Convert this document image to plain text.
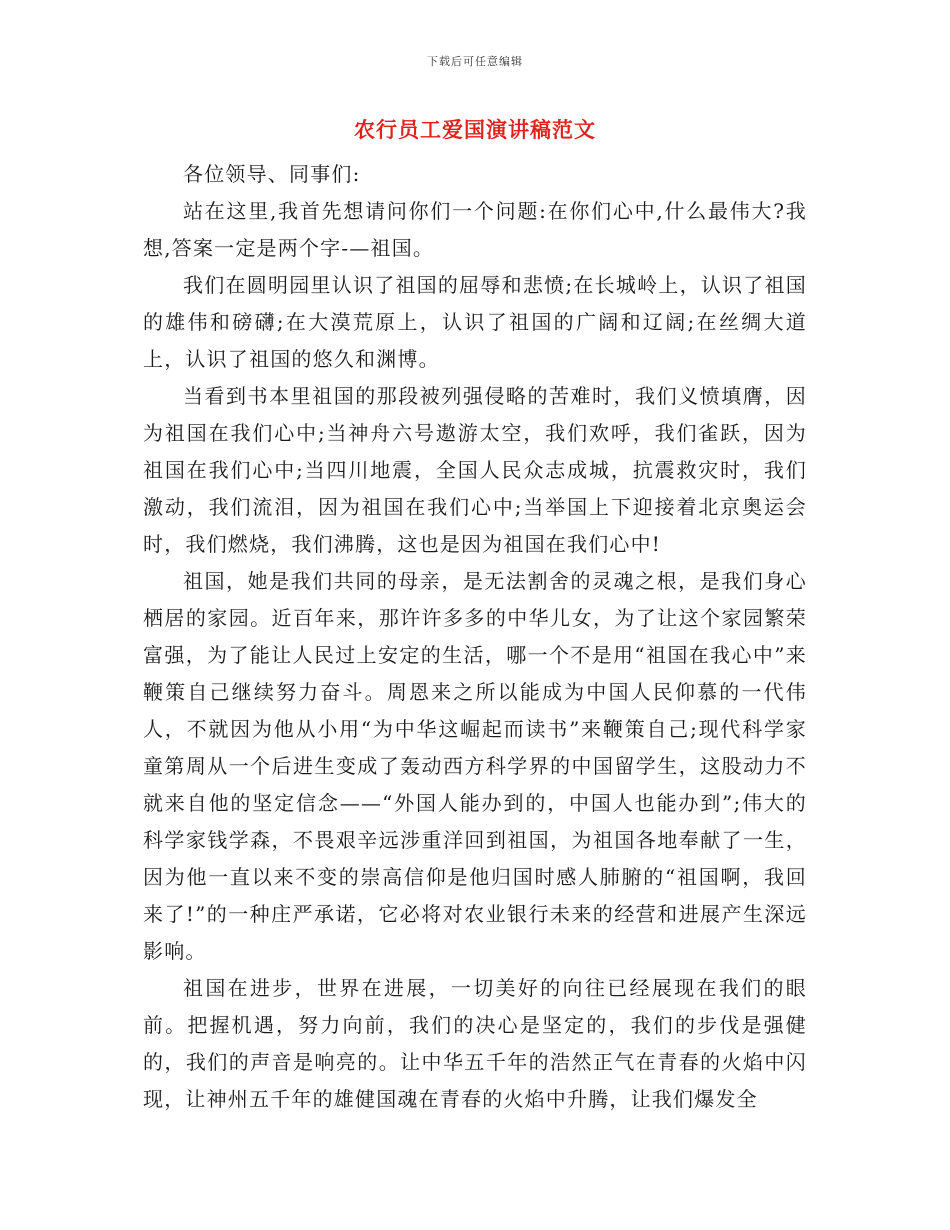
下载后可任意编辑
农行员工爱国演讲稿范文

各位领导、同事们:

站在这里,我首先想请问你们一个问题:在你们心中,什么最伟大?我想,答案一定是两个字-—祖国。

我们在圆明园里认识了祖国的屈辱和悲愤;在长城岭上，认识了祖国的雄伟和磅礴;在大漠荒原上，认识了祖国的广阔和辽阔;在丝绸大道上，认识了祖国的悠久和渊博。

当看到书本里祖国的那段被列强侵略的苦难时，我们义愤填膺，因为祖国在我们心中;当神舟六号遨游太空，我们欢呼，我们雀跃，因为祖国在我们心中;当四川地震，全国人民众志成城，抗震救灾时，我们激动，我们流泪，因为祖国在我们心中;当举国上下迎接着北京奥运会时，我们燃烧，我们沸腾，这也是因为祖国在我们心中!

祖国，她是我们共同的母亲，是无法割舍的灵魂之根，是我们身心栖居的家园。近百年来，那许许多多的中华儿女，为了让这个家园繁荣富强，为了能让人民过上安定的生活，哪一个不是用“祖国在我心中”来鞭策自己继续努力奋斗。周恩来之所以能成为中国人民仰慕的一代伟人，不就因为他从小用“为中华这崛起而读书”来鞭策自己;现代科学家童第周从一个后进生变成了轰动西方科学界的中国留学生，这股动力不就来自他的坚定信念——“外国人能办到的，中国人也能办到”;伟大的科学家钱学森，不畏艰辛远涉重洋回到祖国，为祖国各地奉献了一生，因为他一直以来不变的崇高信仰是他归国时感人肺腑的“祖国啊，我回来了!”的一种庄严承诺，它必将对农业银行未来的经营和进展产生深远影响。

祖国在进步，世界在进展，一切美好的向往已经展现在我们的眼前。把握机遇，努力向前，我们的决心是坚定的，我们的步伐是强健的，我们的声音是响亮的。让中华五千年的浩然正气在青春的火焰中闪现，让神州五千年的雄健国魂在青春的火焰中升腾，让我们爆发全
